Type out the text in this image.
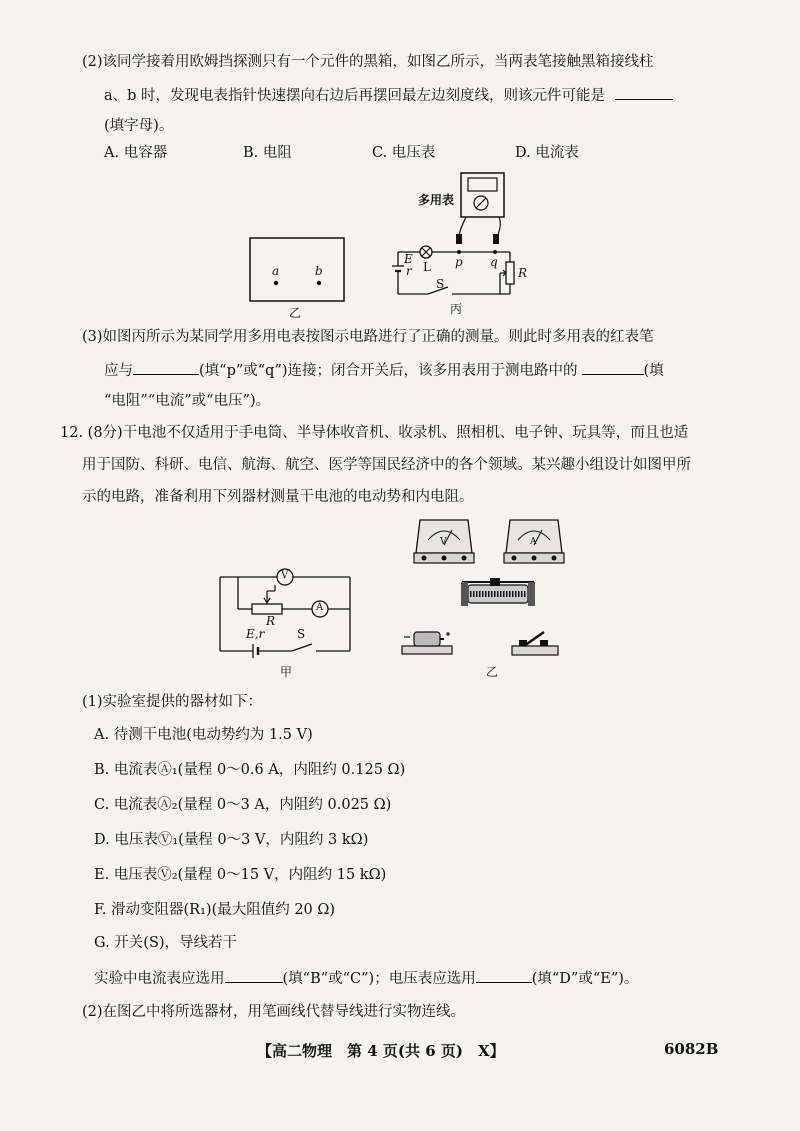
(2)该同学接着用欧姆挡探测只有一个元件的黑箱，如图乙所示，当两表笔接触黑箱接线柱
a、b 时，发现电表指针快速摆向右边后再摆回最左边刻度线，则该元件可能是
(填字母)。
A. 电容器	B. 电阻	C. 电压表	D. 电流表
a	b
乙
多用表
E
r L p q
R
S
丙
(3)如图丙所示为某同学用多用电表按图示电路进行了正确的测量。则此时多用表的红表笔
应与	(填“p”或“q”)连接；闭合开关后，该多用表用于测电路中的	(填
“电阻”“电流”或“电压”)。
12. (8分)干电池不仅适用于手电筒、半导体收音机、收录机、照相机、电子钟、玩具等，而且也适
用于国防、科研、电信、航海、航空、医学等国民经济中的各个领域。某兴趣小组设计如图甲所
示的电路，准备利用下列器材测量干电池的电动势和内电阻。
V
A
R
E,r	S
甲
V	A
乙
(1)实验室提供的器材如下：
A. 待测干电池(电动势约为 1.5 V)
B. 电流表Ⓐ₁(量程 0～0.6 A，内阻约 0.125 Ω)
C. 电流表Ⓐ₂(量程 0～3 A，内阻约 0.025 Ω)
D. 电压表Ⓥ₁(量程 0～3 V，内阻约 3 kΩ)
E. 电压表Ⓥ₂(量程 0～15 V，内阻约 15 kΩ)
F. 滑动变阻器(R₁)(最大阻值约 20 Ω)
G. 开关(S)，导线若干
实验中电流表应选用	(填“B”或“C”)；电压表应选用	(填“D”或“E”)。
(2)在图乙中将所选器材，用笔画线代替导线进行实物连线。
【高二物理　第 4 页(共 6 页)　X】	6082B
